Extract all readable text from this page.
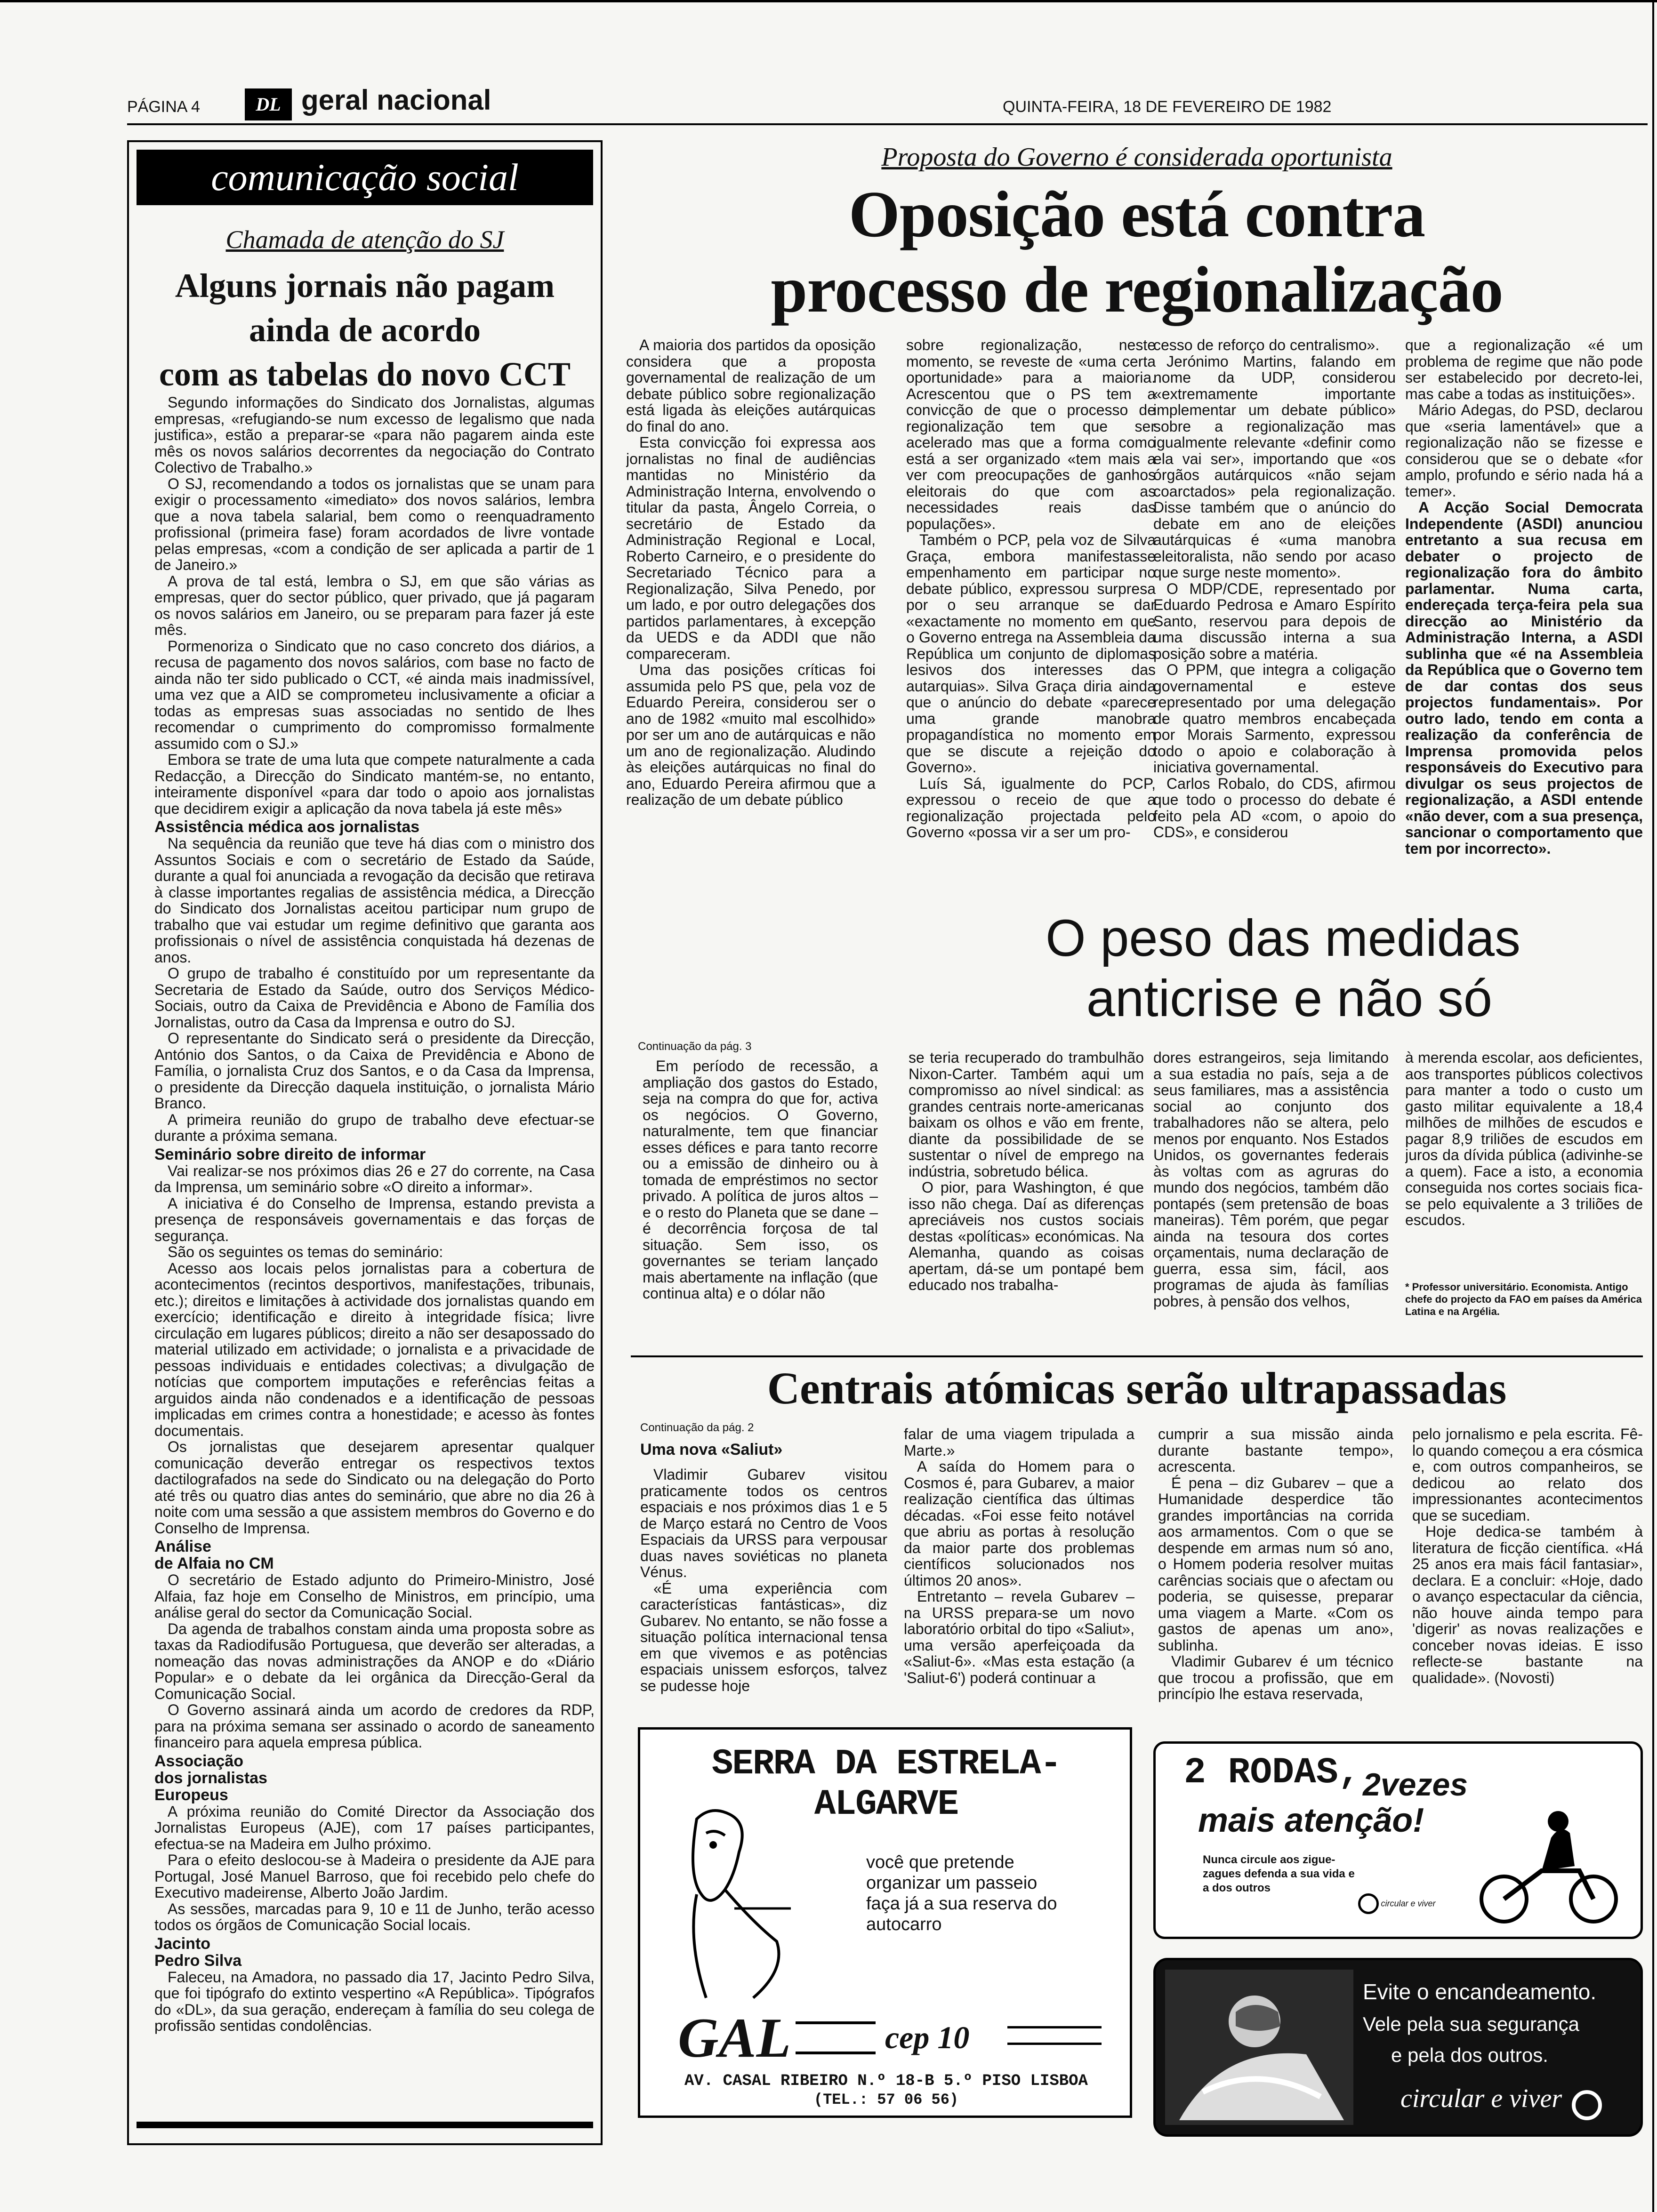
PÁGINA 4	DL geral nacional	QUINTA-FEIRA, 18 DE FEVEREIRO DE 1982
comunicação social
Chamada de atenção do SJ
Alguns jornais não pagam
ainda de acordo
com as tabelas do novo CCT

Segundo informações do Sindicato dos Jornalistas, algumas empresas, «refugiando-se num excesso de legalismo que nada justifica», estão a preparar-se «para não pagarem ainda este mês os novos salários decorrentes da negociação do Contrato Colectivo de Trabalho.»

O SJ, recomendando a todos os jornalistas que se unam para exigir o processamento «imediato» dos novos salários, lembra que a nova tabela salarial, bem como o reenquadramento profissional (primeira fase) foram acordados de livre vontade pelas empresas, «com a condição de ser aplicada a partir de 1 de Janeiro.»

A prova de tal está, lembra o SJ, em que são várias as empresas, quer do sector público, quer privado, que já pagaram os novos salários em Janeiro, ou se preparam para fazer já este mês.

Pormenoriza o Sindicato que no caso concreto dos diários, a recusa de pagamento dos novos salários, com base no facto de ainda não ter sido publicado o CCT, «é ainda mais inadmissível, uma vez que a AID se comprometeu inclusivamente a oficiar a todas as empresas suas associadas no sentido de lhes recomendar o cumprimento do compromisso formalmente assumido com o SJ.»

Embora se trate de uma luta que compete naturalmente a cada Redacção, a Direcção do Sindicato mantém-se, no entanto, inteiramente disponível «para dar todo o apoio aos jornalistas que decidirem exigir a aplicação da nova tabela já este mês»

Assistência médica aos jornalistas

Na sequência da reunião que teve há dias com o ministro dos Assuntos Sociais e com o secretário de Estado da Saúde, durante a qual foi anunciada a revogação da decisão que retirava à classe importantes regalias de assistência médica, a Direcção do Sindicato dos Jornalistas aceitou participar num grupo de trabalho que vai estudar um regime definitivo que garanta aos profissionais o nível de assistência conquistada há dezenas de anos.

O grupo de trabalho é constituído por um representante da Secretaria de Estado da Saúde, outro dos Serviços Médico-Sociais, outro da Caixa de Previdência e Abono de Família dos Jornalistas, outro da Casa da Imprensa e outro do SJ.

O representante do Sindicato será o presidente da Direcção, António dos Santos, o da Caixa de Previdência e Abono de Família, o jornalista Cruz dos Santos, e o da Casa da Imprensa, o presidente da Direcção daquela instituição, o jornalista Mário Branco.

A primeira reunião do grupo de trabalho deve efectuar-se durante a próxima semana.

Seminário sobre direito de informar

Vai realizar-se nos próximos dias 26 e 27 do corrente, na Casa da Imprensa, um seminário sobre «O direito a informar».

A iniciativa é do Conselho de Imprensa, estando prevista a presença de responsáveis governamentais e das forças de segurança.

São os seguintes os temas do seminário:

Acesso aos locais pelos jornalistas para a cobertura de acontecimentos (recintos desportivos, manifestações, tribunais, etc.); direitos e limitações à actividade dos jornalistas quando em exercício; identificação e direito à integridade física; livre circulação em lugares públicos; direito a não ser desapossado do material utilizado em actividade; o jornalista e a privacidade de pessoas individuais e entidades colectivas; a divulgação de notícias que comportem imputações e referências feitas a arguidos ainda não condenados e a identificação de pessoas implicadas em crimes contra a honestidade; e acesso às fontes documentais.

Os jornalistas que desejarem apresentar qualquer comunicação deverão entregar os respectivos textos dactilografados na sede do Sindicato ou na delegação do Porto até três ou quatro dias antes do seminário, que abre no dia 26 à noite com uma sessão a que assistem membros do Governo e do Conselho de Imprensa.

Análise
de Alfaia no CM

O secretário de Estado adjunto do Primeiro-Ministro, José Alfaia, faz hoje em Conselho de Ministros, em princípio, uma análise geral do sector da Comunicação Social.

Da agenda de trabalhos constam ainda uma proposta sobre as taxas da Radiodifusão Portuguesa, que deverão ser alteradas, a nomeação das novas administrações da ANOP e do «Diário Popular» e o debate da lei orgânica da Direcção-Geral da Comunicação Social.

O Governo assinará ainda um acordo de credores da RDP, para na próxima semana ser assinado o acordo de saneamento financeiro para aquela empresa pública.

Associação
dos jornalistas
Europeus

A próxima reunião do Comité Director da Associação dos Jornalistas Europeus (AJE), com 17 países participantes, efectua-se na Madeira em Julho próximo.

Para o efeito deslocou-se à Madeira o presidente da AJE para Portugal, José Manuel Barroso, que foi recebido pelo chefe do Executivo madeirense, Alberto João Jardim.

As sessões, marcadas para 9, 10 e 11 de Junho, terão acesso todos os órgãos de Comunicação Social locais.

Jacinto
Pedro Silva

Faleceu, na Amadora, no passado dia 17, Jacinto Pedro Silva, que foi tipógrafo do extinto vespertino «A República». Tipógrafos do «DL», da sua geração, endereçam à família do seu colega de profissão sentidas condolências.

Proposta do Governo é considerada oportunista
Oposição está contra
processo de regionalização

A maioria dos partidos da oposição considera que a proposta governamental de realização de um debate público sobre regionalização está ligada às eleições autárquicas do final do ano.

Esta convicção foi expressa aos jornalistas no final de audiências mantidas no Ministério da Administração Interna, envolvendo o titular da pasta, Ângelo Correia, o secretário de Estado da Administração Regional e Local, Roberto Carneiro, e o presidente do Secretariado Técnico para a Regionalização, Silva Penedo, por um lado, e por outro delegações dos partidos parlamentares, à excepção da UEDS e da ADDI que não compareceram.

Uma das posições críticas foi assumida pelo PS que, pela voz de Eduardo Pereira, considerou ser o ano de 1982 «muito mal escolhido» por ser um ano de autárquicas e não um ano de regionalização. Aludindo às eleições autárquicas no final do ano, Eduardo Pereira afirmou que a realização de um debate público

sobre regionalização, neste momento, se reveste de «uma certa oportunidade» para a maioria. Acrescentou que o PS tem a convicção de que o processo de regionalização tem que ser acelerado mas que a forma como está a ser organizado «tem mais a ver com preocupações de ganhos eleitorais do que com as necessidades reais das populações».

Também o PCP, pela voz de Silva Graça, embora manifestasse empenhamento em participar no debate público, expressou surpresa por o seu arranque se dar «exactamente no momento em que o Governo entrega na Assembleia da República um conjunto de diplomas lesivos dos interesses das autarquias». Silva Graça diria ainda que o anúncio do debate «parece uma grande manobra propagandística no momento em que se discute a rejeição do Governo».

Luís Sá, igualmente do PCP, expressou o receio de que a regionalização projectada pelo Governo «possa vir a ser um pro-

cesso de reforço do centralismo».

Jerónimo Martins, falando em nome da UDP, considerou «extremamente importante implementar um debate público» sobre a regionalização mas igualmente relevante «definir como ela vai ser», importando que «os órgãos autárquicos «não sejam coarctados» pela regionalização. Disse também que o anúncio do debate em ano de eleições autárquicas é «uma manobra eleitoralista, não sendo por acaso que surge neste momento».

O MDP/CDE, representado por Eduardo Pedrosa e Amaro Espírito Santo, reservou para depois de uma discussão interna a sua posição sobre a matéria.

O PPM, que integra a coligação governamental e esteve representado por uma delegação de quatro membros encabeçada por Morais Sarmento, expressou todo o apoio e colaboração à iniciativa governamental.

Carlos Robalo, do CDS, afirmou que todo o processo do debate é feito pela AD «com, o apoio do CDS», e considerou

que a regionalização «é um problema de regime que não pode ser estabelecido por decreto-lei, mas cabe a todas as instituições».

Mário Adegas, do PSD, declarou que «seria lamentável» que a regionalização não se fizesse e considerou que se o debate «for amplo, profundo e sério nada há a temer».

A Acção Social Democrata Independente (ASDI) anunciou entretanto a sua recusa em debater o projecto de regionalização fora do âmbito parlamentar. Numa carta, endereçada terça-feira pela sua direcção ao Ministério da Administração Interna, a ASDI sublinha que «é na Assembleia da República que o Governo tem de dar contas dos seus projectos fundamentais». Por outro lado, tendo em conta a realização da conferência de Imprensa promovida pelos responsáveis do Executivo para divulgar os seus projectos de regionalização, a ASDI entende «não dever, com a sua presença, sancionar o comportamento que tem por incorrecto».

O peso das medidas
anticrise e não só
Continuação da pág. 3

Em período de recessão, a ampliação dos gastos do Estado, seja na compra do que for, activa os negócios. O Governo, naturalmente, tem que financiar esses défices e para tanto recorre ou a emissão de dinheiro ou à tomada de empréstimos no sector privado. A política de juros altos – e o resto do Planeta que se dane – é decorrência forçosa de tal situação. Sem isso, os governantes se teriam lançado mais abertamente na inflação (que continua alta) e o dólar não

se teria recuperado do trambulhão Nixon-Carter. Também aqui um compromisso ao nível sindical: as grandes centrais norte-americanas baixam os olhos e vão em frente, diante da possibilidade de se sustentar o nível de emprego na indústria, sobretudo bélica.

O pior, para Washington, é que isso não chega. Daí as diferenças apreciáveis nos custos sociais destas «políticas» económicas. Na Alemanha, quando as coisas apertam, dá-se um pontapé bem educado nos trabalha-

dores estrangeiros, seja limitando a sua estadia no país, seja a de seus familiares, mas a assistência social ao conjunto dos trabalhadores não se altera, pelo menos por enquanto. Nos Estados Unidos, os governantes federais às voltas com as agruras do mundo dos negócios, também dão pontapés (sem pretensão de boas maneiras). Têm porém, que pegar ainda na tesoura dos cortes orçamentais, numa declaração de guerra, essa sim, fácil, aos programas de ajuda às famílias pobres, à pensão dos velhos,

à merenda escolar, aos deficientes, aos transportes públicos colectivos para manter a todo o custo um gasto militar equivalente a 18,4 milhões de milhões de escudos e pagar 8,9 triliões de escudos em juros da dívida pública (adivinhe-se a quem). Face a isto, a economia conseguida nos cortes sociais fica-se pelo equivalente a 3 triliões de escudos.

* Professor universitário. Economista. Antigo chefe do projecto da FAO em países da América Latina e na Argélia.
Centrais atómicas serão ultrapassadas
Continuação da pág. 2
Uma nova «Saliut»

Vladimir Gubarev visitou praticamente todos os centros espaciais e nos próximos dias 1 e 5 de Março estará no Centro de Voos Espaciais da URSS para verpousar duas naves soviéticas no planeta Vénus.

«É uma experiência com características fantásticas», diz Gubarev. No entanto, se não fosse a situação política internacional tensa em que vivemos e as potências espaciais unissem esforços, talvez se pudesse hoje

falar de uma viagem tripulada a Marte.»

A saída do Homem para o Cosmos é, para Gubarev, a maior realização científica das últimas décadas. «Foi esse feito notável que abriu as portas à resolução da maior parte dos problemas científicos solucionados nos últimos 20 anos».

Entretanto – revela Gubarev – na URSS prepara-se um novo laboratório orbital do tipo «Saliut», uma versão aperfeiçoada da «Saliut-6». «Mas esta estação (a 'Saliut-6') poderá continuar a

cumprir a sua missão ainda durante bastante tempo», acrescenta.

É pena – diz Gubarev – que a Humanidade desperdice tão grandes importâncias na corrida aos armamentos. Com o que se despende em armas num só ano, o Homem poderia resolver muitas carências sociais que o afectam ou poderia, se quisesse, preparar uma viagem a Marte. «Com os gastos de apenas um ano», sublinha.

Vladimir Gubarev é um técnico que trocou a profissão, que em princípio lhe estava reservada,

pelo jornalismo e pela escrita. Fê-lo quando começou a era cósmica e, com outros companheiros, se dedicou ao relato dos impressionantes acontecimentos que se sucediam.

Hoje dedica-se também à literatura de ficção científica. «Há 25 anos era mais fácil fantasiar», declara. E a concluir: «Hoje, dado o avanço espectacular da ciência, não houve ainda tempo para 'digerir' as novas realizações e conceber novas ideias. E isso reflecte-se bastante na qualidade». (Novosti)

SERRA DA ESTRELA-ALGARVE
você que pretende organizar um passeio faça já a sua reserva do autocarro
GAL	cep 10
AV. CASAL RIBEIRO N.º 18-B 5.º PISO LISBOA
(TEL.: 57 06 56)
2 RODAS, 2vezes
mais atenção!
Nunca circule aos zigue-zagues defenda a sua vida e a dos outros
circular e viver
Evite o encandeamento.
Vele pela sua segurança
e pela dos outros.
circular e viver
